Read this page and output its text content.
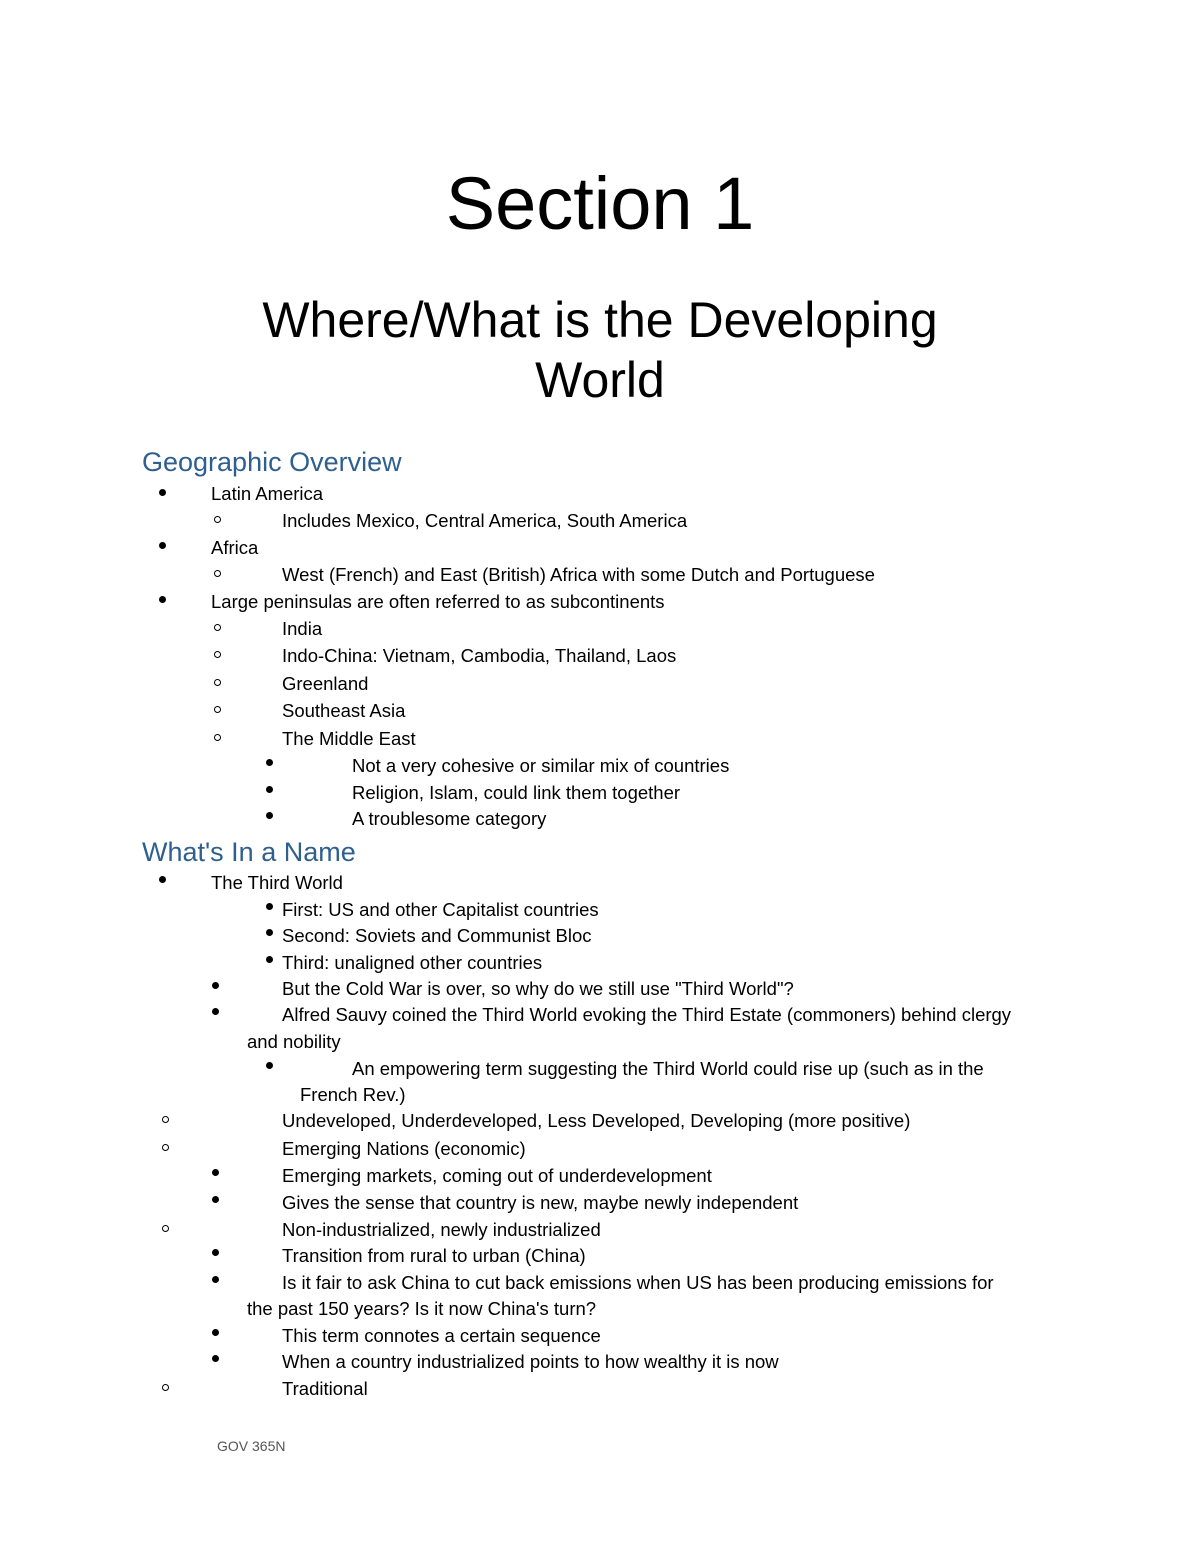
Section 1
Where/What is the Developing
World
Geographic Overview
Latin America
Includes Mexico, Central America, South America
Africa
West (French) and East (British) Africa with some Dutch and Portuguese
Large peninsulas are often referred to as subcontinents
India
Indo-China: Vietnam, Cambodia, Thailand, Laos
Greenland
Southeast Asia
The Middle East
Not a very cohesive or similar mix of countries
Religion, Islam, could link them together
A troublesome category
What's In a Name
The Third World
First: US and other Capitalist countries
Second: Soviets and Communist Bloc
Third: unaligned other countries
But the Cold War is over, so why do we still use "Third World"?
Alfred Sauvy coined the Third World evoking the Third Estate (commoners) behind clergy
and nobility
An empowering term suggesting the Third World could rise up (such as in the
French Rev.)
Undeveloped, Underdeveloped, Less Developed, Developing (more positive)
Emerging Nations (economic)
Emerging markets, coming out of underdevelopment
Gives the sense that country is new, maybe newly independent
Non-industrialized, newly industrialized
Transition from rural to urban (China)
Is it fair to ask China to cut back emissions when US has been producing emissions for
the past 150 years? Is it now China's turn?
This term connotes a certain sequence
When a country industrialized points to how wealthy it is now
Traditional
GOV 365N
